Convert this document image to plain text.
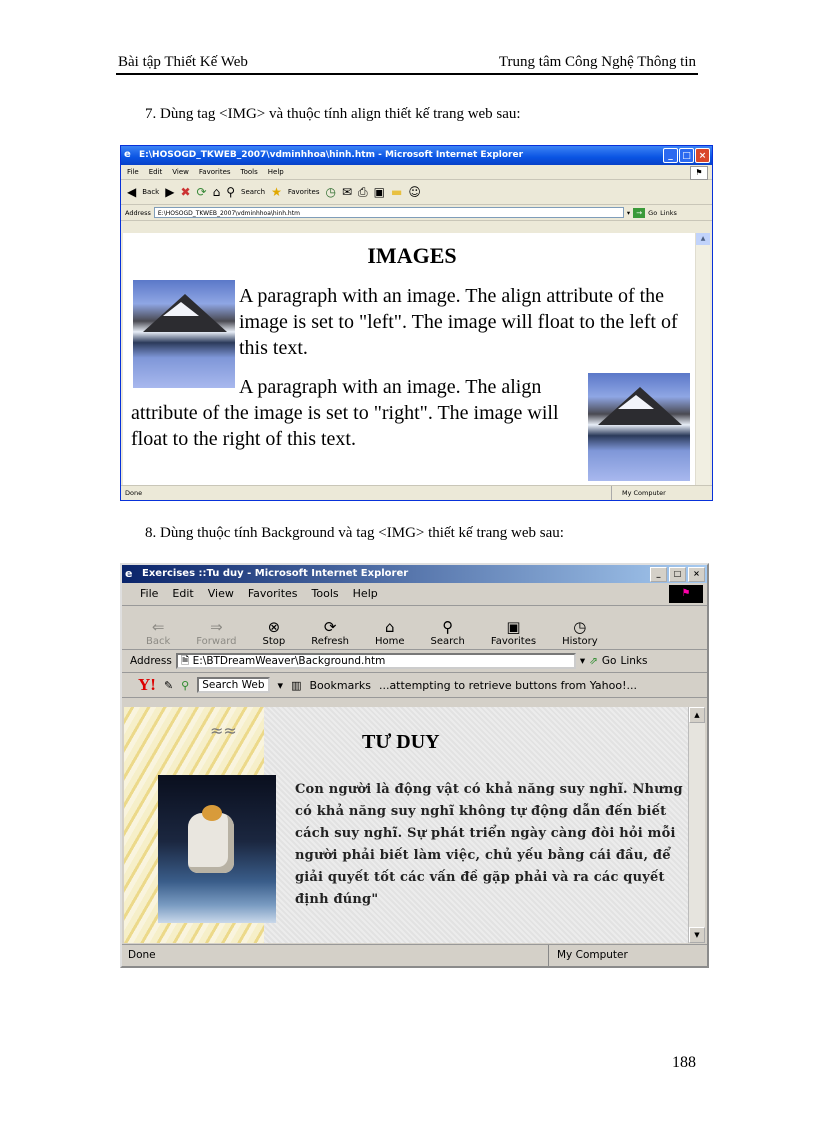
Bài tập Thiết Kế Web	Trung tâm Công Nghệ Thông tin
7. Dùng tag <IMG> và thuộc tính align thiết kế trang web sau:
e E:\HOSOGD_TKWEB_2007\vdminhhoa\hinh.htm - Microsoft Internet Explorer	_	□ ×
File Edit View Favorites Tools Help	⚑
◀ Back ▶ ✖ ⟳ ⌂ ⚲ Search ★ Favorites ◷ ✉ ⎙ ▣ ▬ ☺
Address	E:\HOSOGD_TKWEB_2007\vdminhhoa\hinh.htm	▾ → Go Links
IMAGES
A paragraph with an image. The align attribute of the image is set to "left". The image will float to the left of this text.
A paragraph with an image. The align attribute of the image is set to "right". The image will float to the right of this text.
▲
Done	My Computer
8. Dùng thuộc tính Background và tag <IMG> thiết kế trang web sau:
e Exercises ::Tu duy - Microsoft Internet Explorer	_	□	×
File Edit View Favorites Tools Help	⚑
⇐
Back
⇒
Forward
⊗
Stop
⟳
Refresh
⌂
Home
⚲
Search
▣
Favorites
◷
History
Address 🗎 E:\BTDreamWeaver\Background.htm	▾ ⇗ Go Links
Y! ✎ ⚲	Search Web	▾ ▥ Bookmarks ...attempting to retrieve buttons from Yahoo!...
≈≈
TƯ DUY
Con người là động vật có khả năng suy nghĩ. Nhưng có khả năng suy nghĩ không tự động dẫn đến biết cách suy nghĩ. Sự phát triển ngày càng đòi hỏi mỗi người phải biết làm việc, chủ yếu bằng cái đầu, để giải quyết tốt các vấn đề gặp phải và ra các quyết định đúng"
▲
▼
Done	My Computer
188
